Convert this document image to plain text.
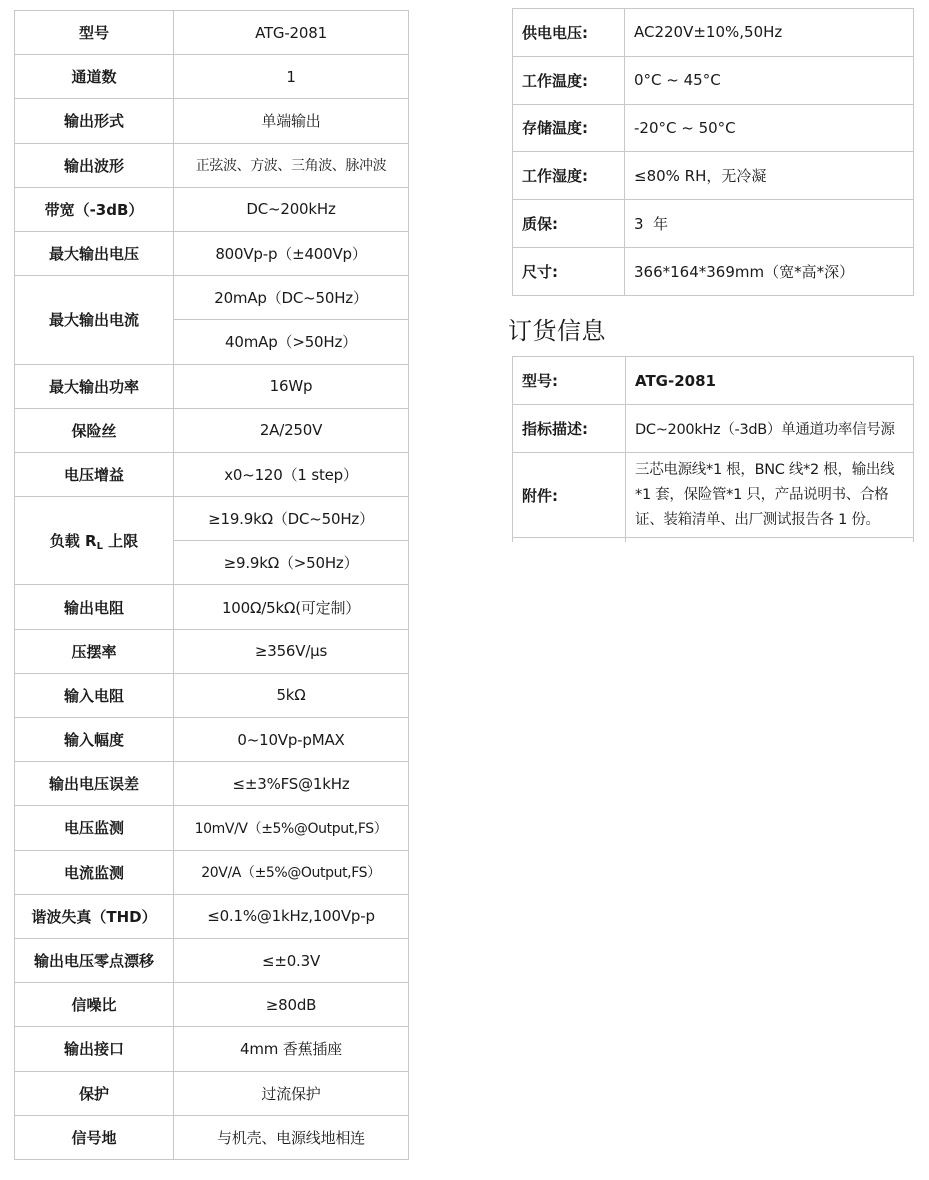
型号	ATG-2081
通道数	1
输出形式	单端输出
输出波形	正弦波、方波、三角波、脉冲波
带宽（-3dB）	DC~200kHz
最大输出电压	800Vp-p（±400Vp）
最大输出电流	20mAp（DC~50Hz）
	40mAp（>50Hz）
最大输出功率	16Wp
保险丝	2A/250V
电压增益	x0~120（1 step）
负载 $R_L$ 上限	≥19.9kΩ（DC~50Hz）
	≥9.9kΩ（>50Hz）
输出电阻	100Ω/5kΩ(可定制）
压摆率	≥356V/μs
输入电阻	5kΩ
输入幅度	0~10Vp-pMAX
输出电压误差	≤±3%FS@1kHz
电压监测	10mV/V（±5%@Output,FS）
电流监测	20V/A（±5%@Output,FS）
谐波失真（THD）	≤0.1%@1kHz,100Vp-p
输出电压零点漂移	≤±0.3V
信噪比	≥80dB
输出接口	4mm 香蕉插座
保护	过流保护
信号地	与机壳、电源线地相连
供电电压:	AC220V±10%,50Hz
工作温度:	0°C ~ 45°C
存储温度:	-20°C ~ 50°C
工作湿度:	≤80% RH，无冷凝
质保:	3  年
尺寸:	366*164*369mm（宽*高*深）
订货信息
型号:	ATG-2081
指标描述:	DC~200kHz（-3dB）单通道功率信号源
附件:	三芯电源线*1 根，BNC 线*2 根，输出线*1 套，保险管*1 只，产品说明书、合格证、装箱清单、出厂测试报告各 1 份。
